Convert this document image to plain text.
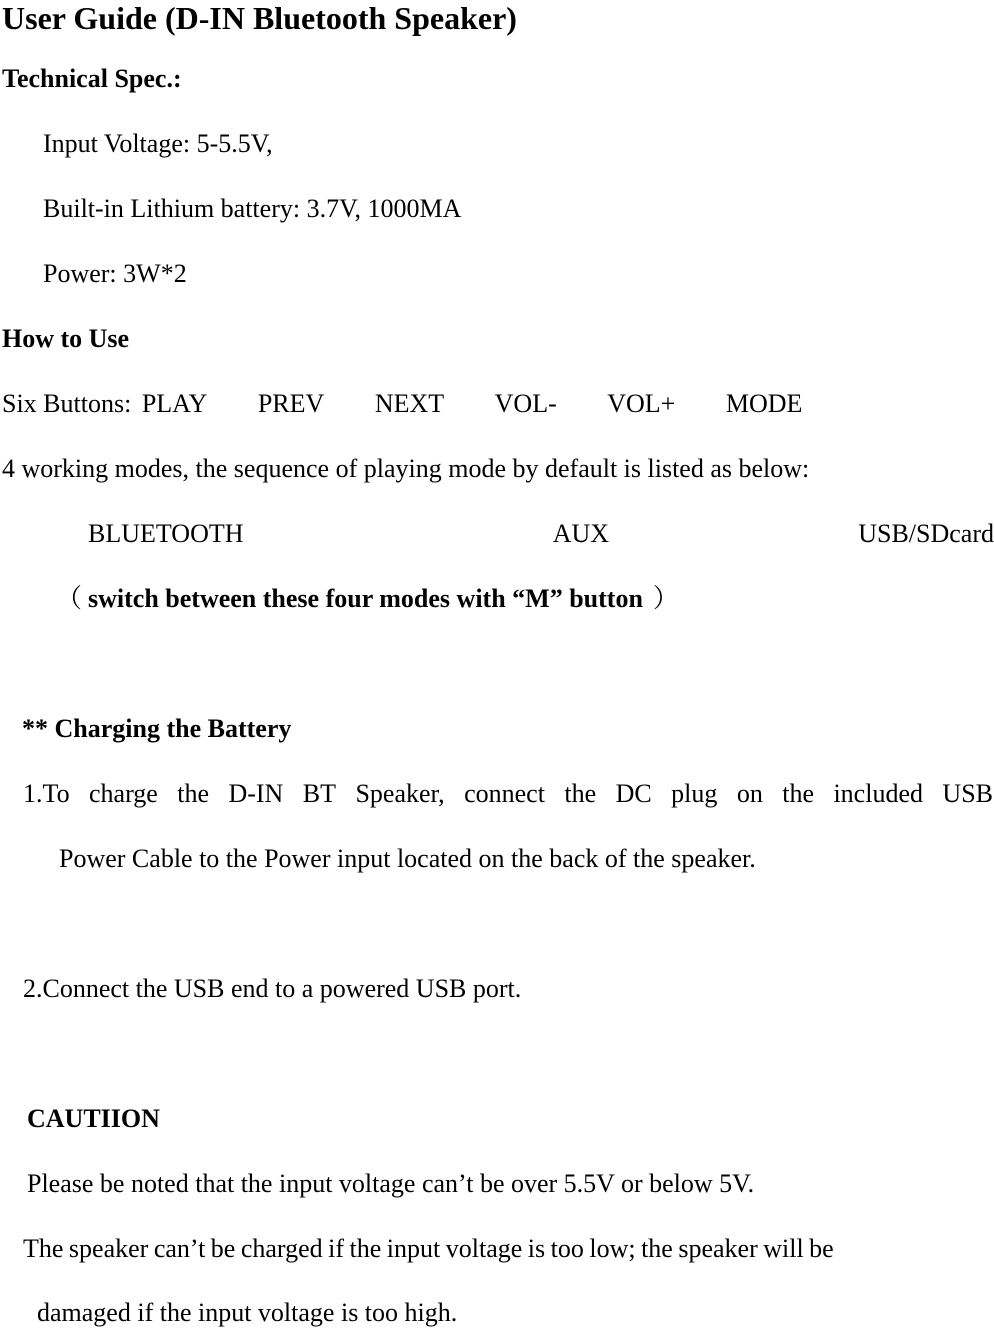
User Guide (D-IN Bluetooth Speaker)
Technical Spec.:
Input Voltage: 5-5.5V,
Built-in Lithium battery: 3.7V, 1000MA
Power: 3W*2
How to Use
Six Buttons: PLAY PREV NEXT VOL- VOL+ MODE
4 working modes, the sequence of playing mode by default is listed as below:
BLUETOOTH	AUX	USB/SDcard
（ switch between these four modes with “M” button ）
** Charging the Battery
1.To charge the D-IN BT Speaker, connect the DC plug on the included USB
Power Cable to the Power input located on the back of the speaker.
2.Connect the USB end to a powered USB port.
CAUTIION
Please be noted that the input voltage can’t be over 5.5V or below 5V.
The speaker can’t be charged if the input voltage is too low; the speaker will be
damaged if the input voltage is too high.
